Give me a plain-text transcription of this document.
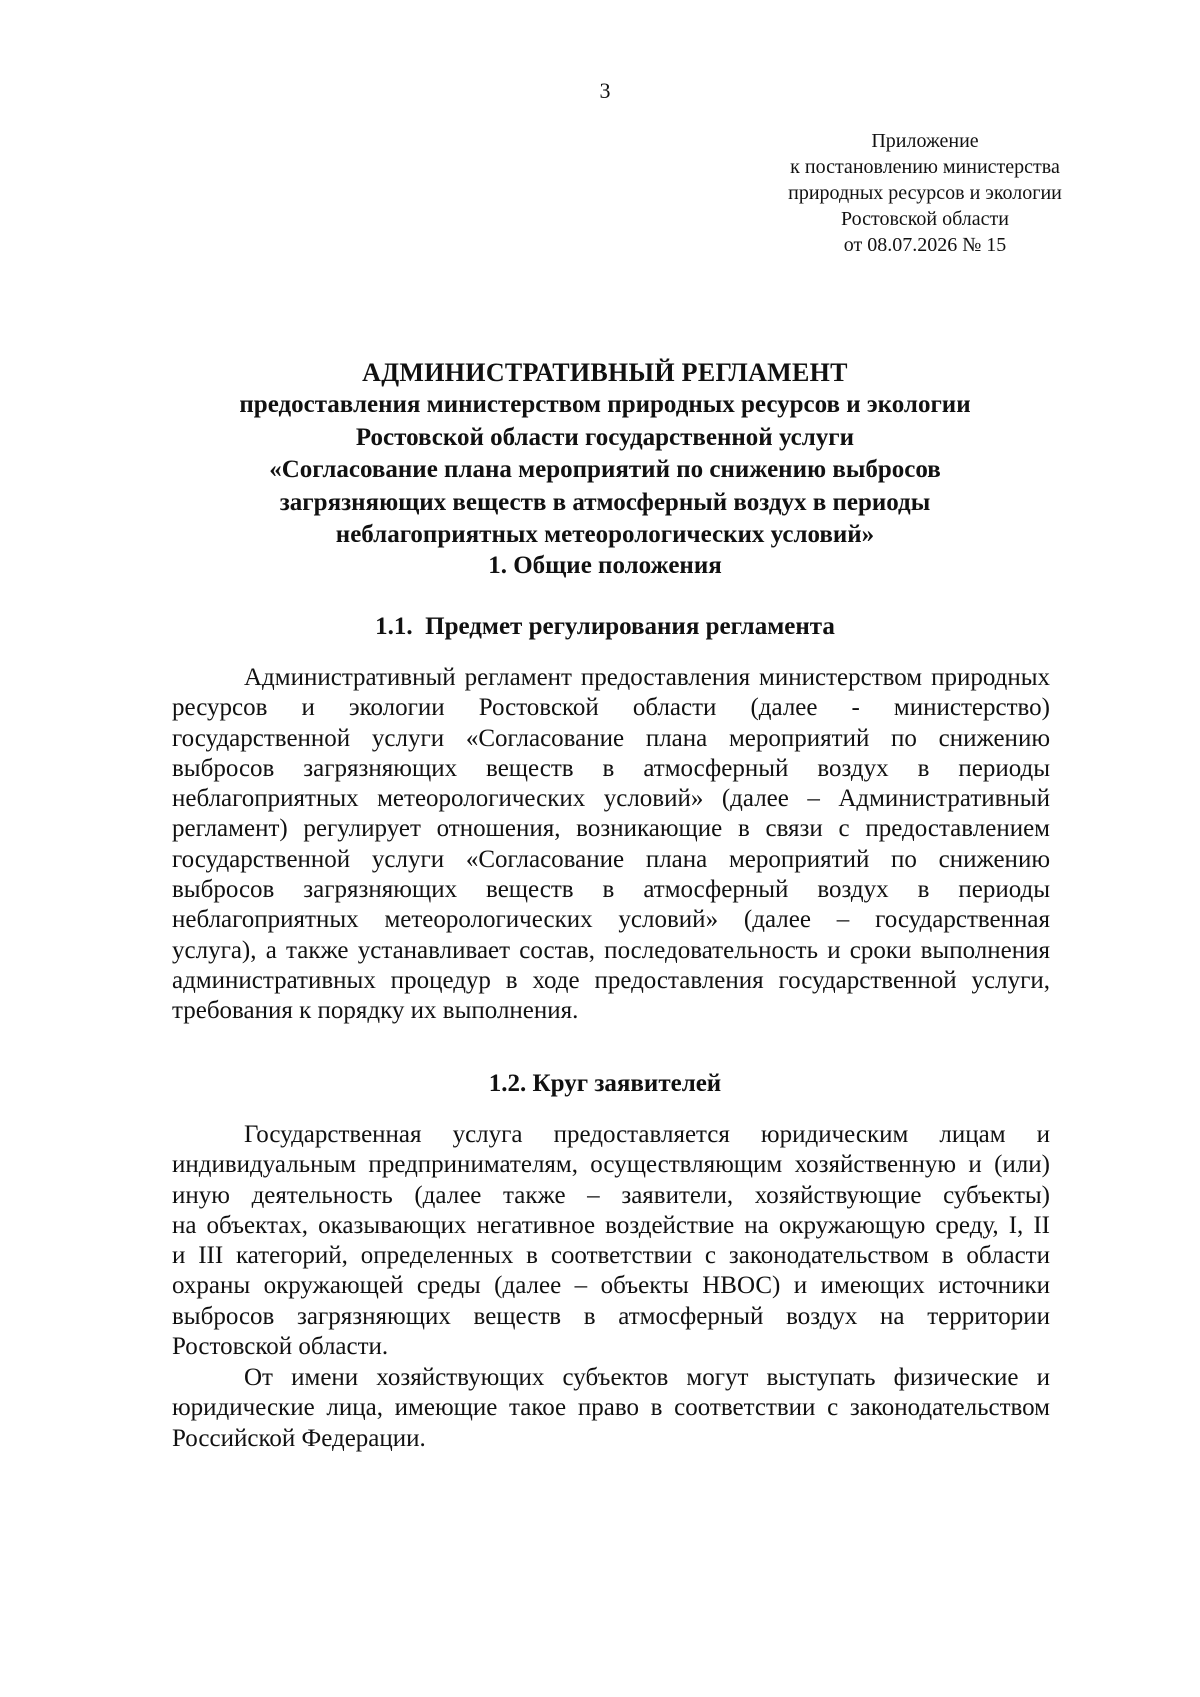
3
Приложение
к постановлению министерства
природных ресурсов и экологии
Ростовской области
от 08.07.2026 № 15
АДМИНИСТРАТИВНЫЙ РЕГЛАМЕНТ
предоставления министерством природных ресурсов и экологии
Ростовской области государственной услуги
«Согласование плана мероприятий по снижению выбросов
загрязняющих веществ в атмосферный воздух в периоды
неблагоприятных метеорологических условий»
1. Общие положения
1.1.  Предмет регулирования регламента
Административный регламент предоставления министерством природных
ресурсов и экологии Ростовской области (далее - министерство)
государственной услуги «Согласование плана мероприятий по снижению
выбросов загрязняющих веществ в атмосферный воздух в периоды
неблагоприятных метеорологических условий» (далее – Административный
регламент) регулирует отношения, возникающие в связи с предоставлением
государственной услуги «Согласование плана мероприятий по снижению
выбросов загрязняющих веществ в атмосферный воздух в периоды
неблагоприятных метеорологических условий» (далее – государственная
услуга), а также устанавливает состав, последовательность и сроки выполнения
административных процедур в ходе предоставления государственной услуги,
требования к порядку их выполнения.
1.2. Круг заявителей
Государственная услуга предоставляется юридическим лицам и
индивидуальным предпринимателям, осуществляющим хозяйственную и (или)
иную деятельность (далее также – заявители, хозяйствующие субъекты)
на объектах, оказывающих негативное воздействие на окружающую среду, I, II
и III категорий, определенных в соответствии с законодательством в области
охраны окружающей среды (далее – объекты НВОС) и имеющих источники
выбросов загрязняющих веществ в атмосферный воздух на территории
Ростовской области.
От имени хозяйствующих субъектов могут выступать физические и
юридические лица, имеющие такое право в соответствии с законодательством
Российской Федерации.
